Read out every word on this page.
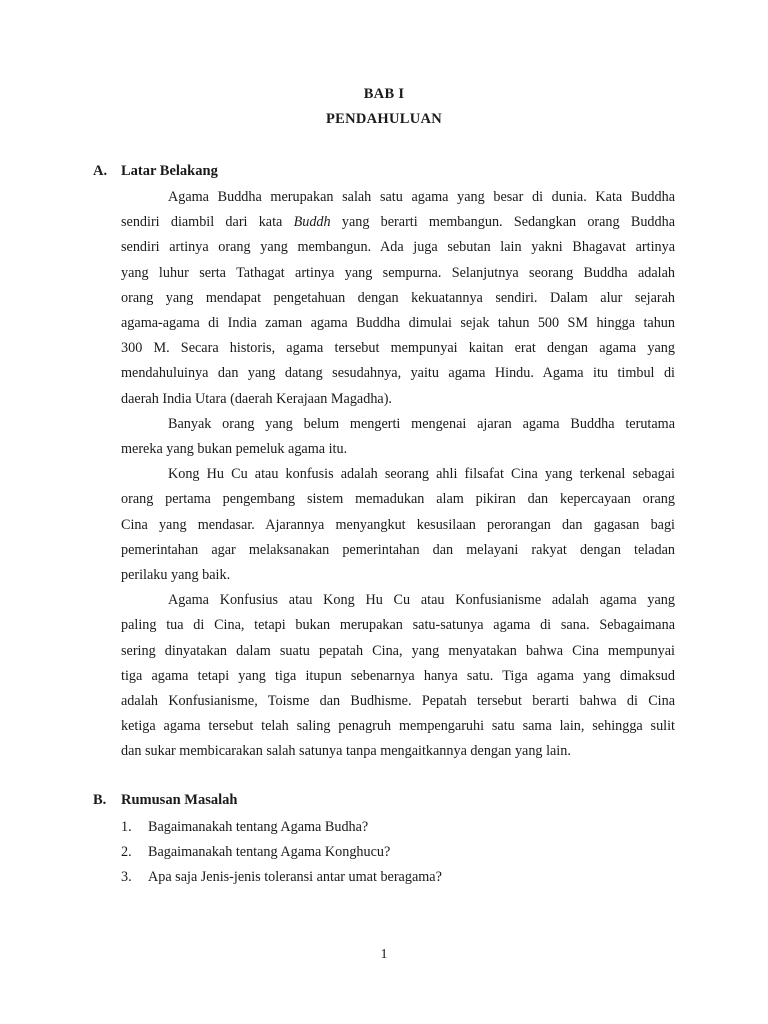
BAB I
PENDAHULUAN
A. Latar Belakang
Agama Buddha merupakan salah satu agama yang besar di dunia. Kata Buddha
sendiri diambil dari kata Buddh yang berarti membangun. Sedangkan orang Buddha
sendiri artinya orang yang membangun. Ada juga sebutan lain yakni Bhagavat artinya
yang luhur serta Tathagat artinya yang sempurna. Selanjutnya seorang Buddha adalah
orang yang mendapat pengetahuan dengan kekuatannya sendiri. Dalam alur sejarah
agama-agama di India zaman agama Buddha dimulai sejak tahun 500 SM hingga tahun
300 M. Secara historis, agama tersebut mempunyai kaitan erat dengan agama yang
mendahuluinya dan yang datang sesudahnya, yaitu agama Hindu. Agama itu timbul di
daerah India Utara (daerah Kerajaan Magadha).
Banyak orang yang belum mengerti mengenai ajaran agama Buddha terutama
mereka yang bukan pemeluk agama itu.
Kong Hu Cu atau konfusis adalah seorang ahli filsafat Cina yang terkenal sebagai
orang pertama pengembang sistem memadukan alam pikiran dan kepercayaan orang
Cina yang mendasar. Ajarannya menyangkut kesusilaan perorangan dan gagasan bagi
pemerintahan agar melaksanakan pemerintahan dan melayani rakyat dengan teladan
perilaku yang baik.
Agama Konfusius atau Kong Hu Cu atau Konfusianisme adalah agama yang
paling tua di Cina, tetapi bukan merupakan satu-satunya agama di sana. Sebagaimana
sering dinyatakan dalam suatu pepatah Cina, yang menyatakan bahwa Cina mempunyai
tiga agama tetapi yang tiga itupun sebenarnya hanya satu. Tiga agama yang dimaksud
adalah Konfusianisme, Toisme dan Budhisme. Pepatah tersebut berarti bahwa di Cina
ketiga agama tersebut telah saling penagruh mempengaruhi satu sama lain, sehingga sulit
dan sukar membicarakan salah satunya tanpa mengaitkannya dengan yang lain.
B. Rumusan Masalah
1.	Bagaimanakah tentang Agama Budha?
2.	Bagaimanakah tentang Agama Konghucu?
3.	Apa saja Jenis-jenis toleransi antar umat beragama?
1
